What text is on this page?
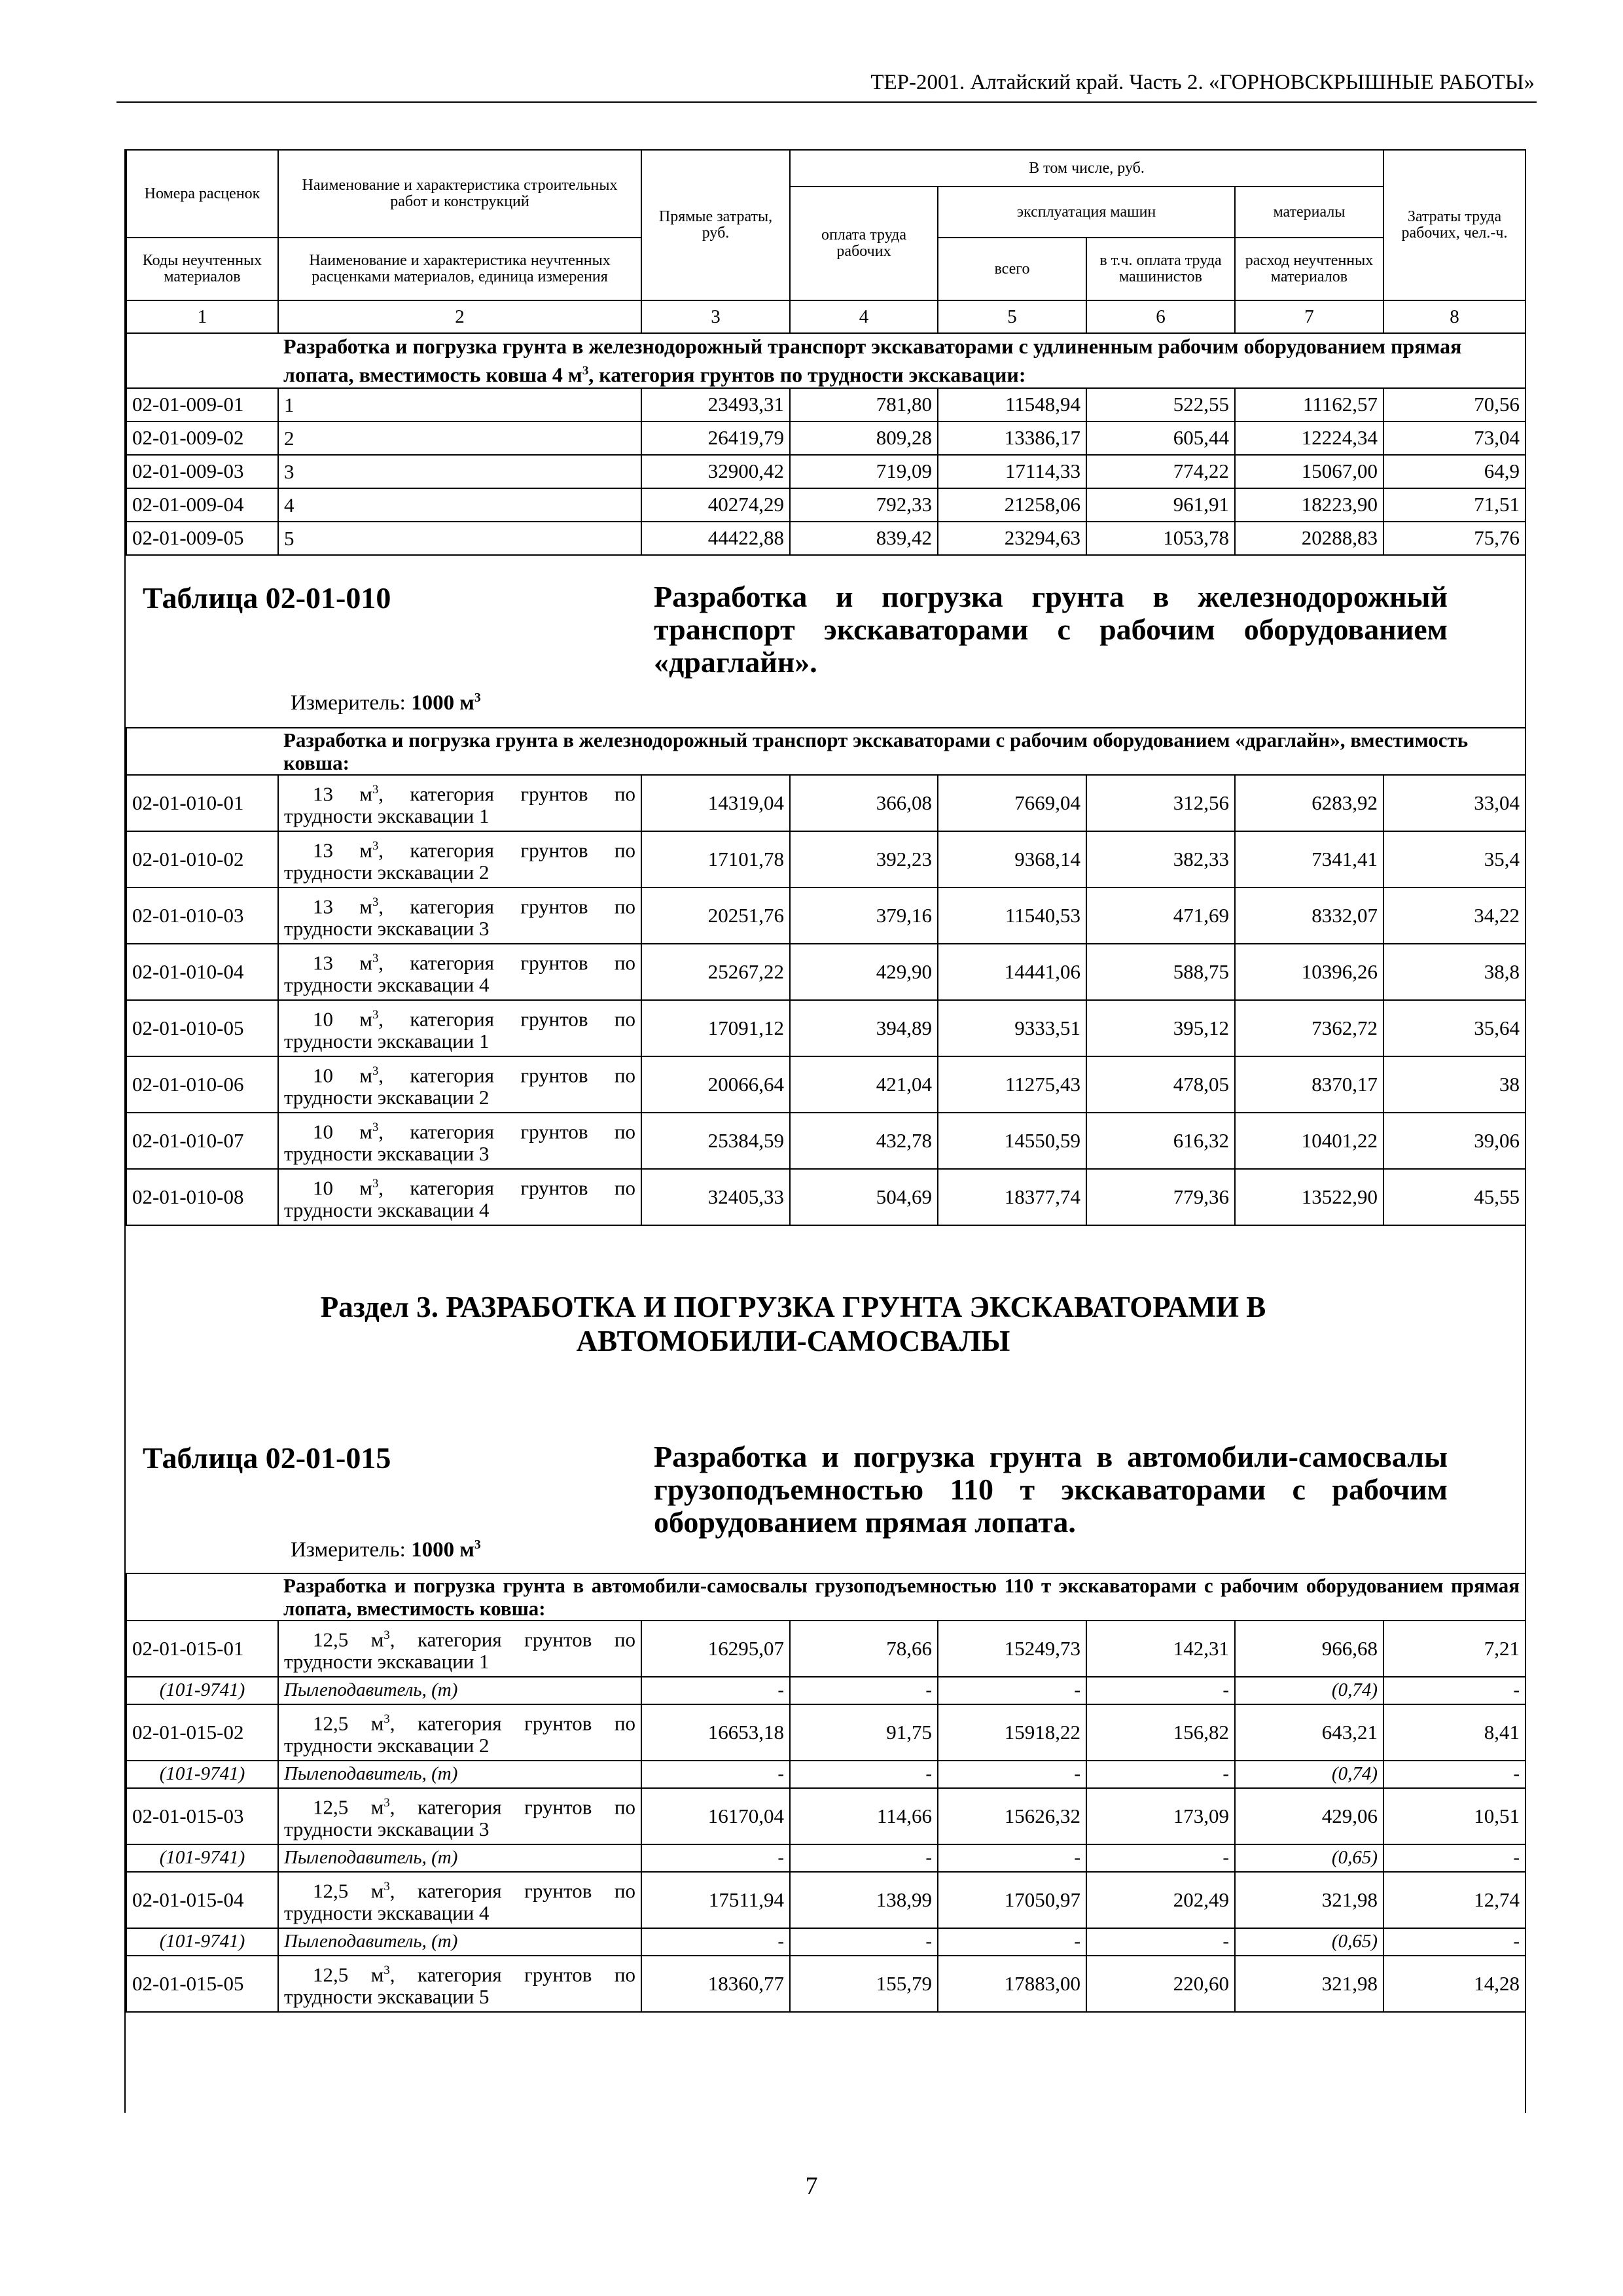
ТЕР-2001. Алтайский край. Часть 2. «ГОРНОВСКРЫШНЫЕ РАБОТЫ»
Номера расценок	Наименование и характеристика строительных работ и конструкций	Прямые затраты, руб.	В том числе, руб.				Затраты труда рабочих, чел.-ч.
			оплата труда рабочих	эксплуатация машин		материалы	
Коды неучтенных материалов	Наименование и характеристика неучтенных расценками материалов, единица измерения			всего	в т.ч. оплата труда машинистов	расход неучтенных материалов	
1	2	3	4	5	6	7	8
	Разработка и погрузка грунта в железнодорожный транспорт экскаваторами с удлиненным рабочим оборудованием прямая лопата, вместимость ковша 4 $м^3$, категория грунтов по трудности экскавации:						
02-01-009-01	1	23493,31	781,80	11548,94	522,55	11162,57	70,56
02-01-009-02	2	26419,79	809,28	13386,17	605,44	12224,34	73,04
02-01-009-03	3	32900,42	719,09	17114,33	774,22	15067,00	64,9
02-01-009-04	4	40274,29	792,33	21258,06	961,91	18223,90	71,51
02-01-009-05	5	44422,88	839,42	23294,63	1053,78	20288,83	75,76
Таблица 02-01-010	Разработка и погрузка грунта в железнодорожный транспорт экскаваторами с рабочим оборудованием «драглайн».
Измеритель: 1000 $м^3$
	Разработка и погрузка грунта в железнодорожный транспорт экскаваторами с рабочим оборудованием «драглайн», вместимость ковша:						
02-01-010-01	13 $м^3$, категория грунтов по трудности экскавации 1	14319,04	366,08	7669,04	312,56	6283,92	33,04
02-01-010-02	13 $м^3$, категория грунтов по трудности экскавации 2	17101,78	392,23	9368,14	382,33	7341,41	35,4
02-01-010-03	13 $м^3$, категория грунтов по трудности экскавации 3	20251,76	379,16	11540,53	471,69	8332,07	34,22
02-01-010-04	13 $м^3$, категория грунтов по трудности экскавации 4	25267,22	429,90	14441,06	588,75	10396,26	38,8
02-01-010-05	10 $м^3$, категория грунтов по трудности экскавации 1	17091,12	394,89	9333,51	395,12	7362,72	35,64
02-01-010-06	10 $м^3$, категория грунтов по трудности экскавации 2	20066,64	421,04	11275,43	478,05	8370,17	38
02-01-010-07	10 $м^3$, категория грунтов по трудности экскавации 3	25384,59	432,78	14550,59	616,32	10401,22	39,06
02-01-010-08	10 $м^3$, категория грунтов по трудности экскавации 4	32405,33	504,69	18377,74	779,36	13522,90	45,55
Раздел 3. РАЗРАБОТКА И ПОГРУЗКА ГРУНТА ЭКСКАВАТОРАМИ В АВТОМОБИЛИ-САМОСВАЛЫ
Таблица 02-01-015	Разработка и погрузка грунта в автомобили-самосвалы грузоподъемностью 110 т экскаваторами с рабочим оборудованием прямая лопата.
Измеритель: 1000 $м^3$
	Разработка и погрузка грунта в автомобили-самосвалы грузоподъемностью 110 т экскаваторами с рабочим оборудованием прямая лопата, вместимость ковша:						
02-01-015-01	12,5 $м^3$, категория грунтов по трудности экскавации 1	16295,07	78,66	15249,73	142,31	966,68	7,21
(101-9741)	Пылеподавитель, (т)	-	-	-	-	(0,74)	-
02-01-015-02	12,5 $м^3$, категория грунтов по трудности экскавации 2	16653,18	91,75	15918,22	156,82	643,21	8,41
(101-9741)	Пылеподавитель, (т)	-	-	-	-	(0,74)	-
02-01-015-03	12,5 $м^3$, категория грунтов по трудности экскавации 3	16170,04	114,66	15626,32	173,09	429,06	10,51
(101-9741)	Пылеподавитель, (т)	-	-	-	-	(0,65)	-
02-01-015-04	12,5 $м^3$, категория грунтов по трудности экскавации 4	17511,94	138,99	17050,97	202,49	321,98	12,74
(101-9741)	Пылеподавитель, (т)	-	-	-	-	(0,65)	-
02-01-015-05	12,5 $м^3$, категория грунтов по трудности экскавации 5	18360,77	155,79	17883,00	220,60	321,98	14,28
7
